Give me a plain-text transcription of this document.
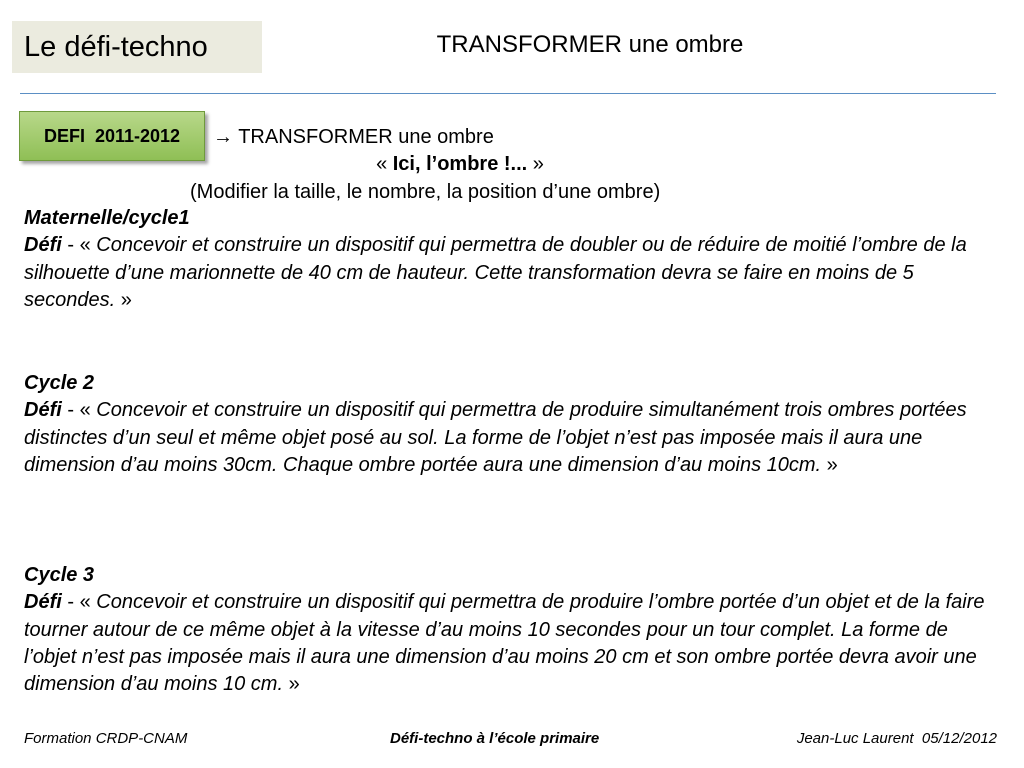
Le défi-techno	TRANSFORMER une ombre
DEFI  2011-2012	→ TRANSFORMER une ombre
« Ici, l’ombre !... »
(Modifier la taille, le nombre, la position d’une ombre)
Maternelle/cycle1
Défi - « Concevoir et construire un dispositif qui permettra de doubler ou de réduire de moitié l’ombre de la silhouette d’une marionnette de 40 cm de hauteur. Cette transformation devra se faire en moins de 5 secondes. »
Cycle 2
Défi - « Concevoir et construire un dispositif qui permettra de produire simultanément trois ombres portées distinctes d’un seul et même objet posé au sol. La forme de l’objet n’est pas imposée mais il aura une dimension d’au moins 30cm. Chaque ombre portée aura une dimension d’au moins 10cm. »
Cycle 3
Défi - « Concevoir et construire un dispositif qui permettra de produire l’ombre portée d’un objet et de la faire tourner autour de ce même objet à la vitesse d’au moins 10 secondes pour un tour complet. La forme de l’objet n’est pas imposée mais il aura une dimension d’au moins 20 cm et son ombre portée devra avoir une dimension d’au moins 10 cm. »
Formation CRDP-CNAM	Défi-techno à l’école primaire	Jean-Luc Laurent  05/12/2012
